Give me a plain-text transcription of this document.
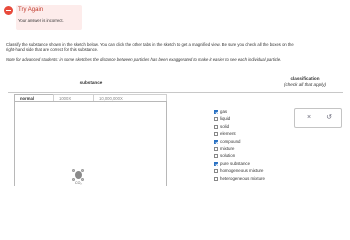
Try Again
Your answer is incorrect.
Classify the substance shown in the sketch below. You can click the other tabs in the sketch to get a magnified view. Be sure you check all the boxes on the right-hand side that are correct for this substance.
Note for advanced students: in some sketches the distance between particles has been exaggerated to make it easier to see each individual particle.
substance
classification
(check all that apply)
normal	1000X	10,000,000X
CO₂
gas
liquid
solid
element
compound
mixture
solution
pure substance
homogeneous mixture
heterogeneous mixture
×	↺
